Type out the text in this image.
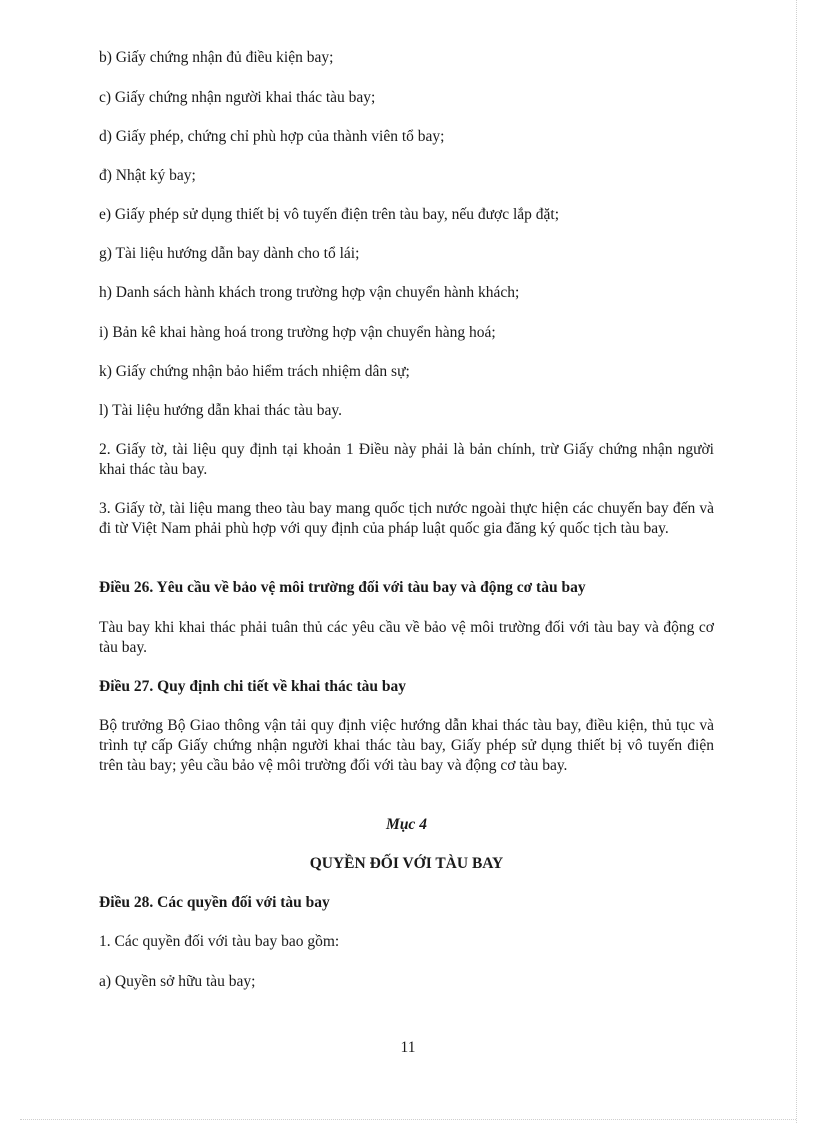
b) Giấy chứng nhận đủ điều kiện bay;

c) Giấy chứng nhận người khai thác tàu bay;

d) Giấy phép, chứng chỉ phù hợp của thành viên tổ bay;

đ) Nhật ký bay;

e) Giấy phép sử dụng thiết bị vô tuyến điện trên tàu bay, nếu được lắp đặt;

g) Tài liệu hướng dẫn bay dành cho tổ lái;

h) Danh sách hành khách trong trường hợp vận chuyển hành khách;

i) Bản kê khai hàng hoá trong trường hợp vận chuyển hàng hoá;

k) Giấy chứng nhận bảo hiểm trách nhiệm dân sự;

l) Tài liệu hướng dẫn khai thác tàu bay.

2. Giấy tờ, tài liệu quy định tại khoản 1 Điều này phải là bản chính, trừ Giấy chứng nhận người khai thác tàu bay.

3. Giấy tờ, tài liệu mang theo tàu bay mang quốc tịch nước ngoài thực hiện các chuyến bay đến và đi từ Việt Nam phải phù hợp với quy định của pháp luật quốc gia đăng ký quốc tịch tàu bay.

Điều 26. Yêu cầu về bảo vệ môi trường đối với tàu bay và động cơ tàu bay

Tàu bay khi khai thác phải tuân thủ các yêu cầu về bảo vệ môi trường đối với tàu bay và động cơ tàu bay.

Điều 27. Quy định chi tiết về khai thác tàu bay

Bộ trưởng Bộ Giao thông vận tải quy định việc hướng dẫn khai thác tàu bay, điều kiện, thủ tục và trình tự cấp Giấy chứng nhận người khai thác tàu bay, Giấy phép sử dụng thiết bị vô tuyến điện trên tàu bay; yêu cầu bảo vệ môi trường đối với tàu bay và động cơ tàu bay.

Mục 4

QUYỀN ĐỐI VỚI TÀU BAY

Điều 28. Các quyền đối với tàu bay

1. Các quyền đối với tàu bay bao gồm:

a) Quyền sở hữu tàu bay;

11
